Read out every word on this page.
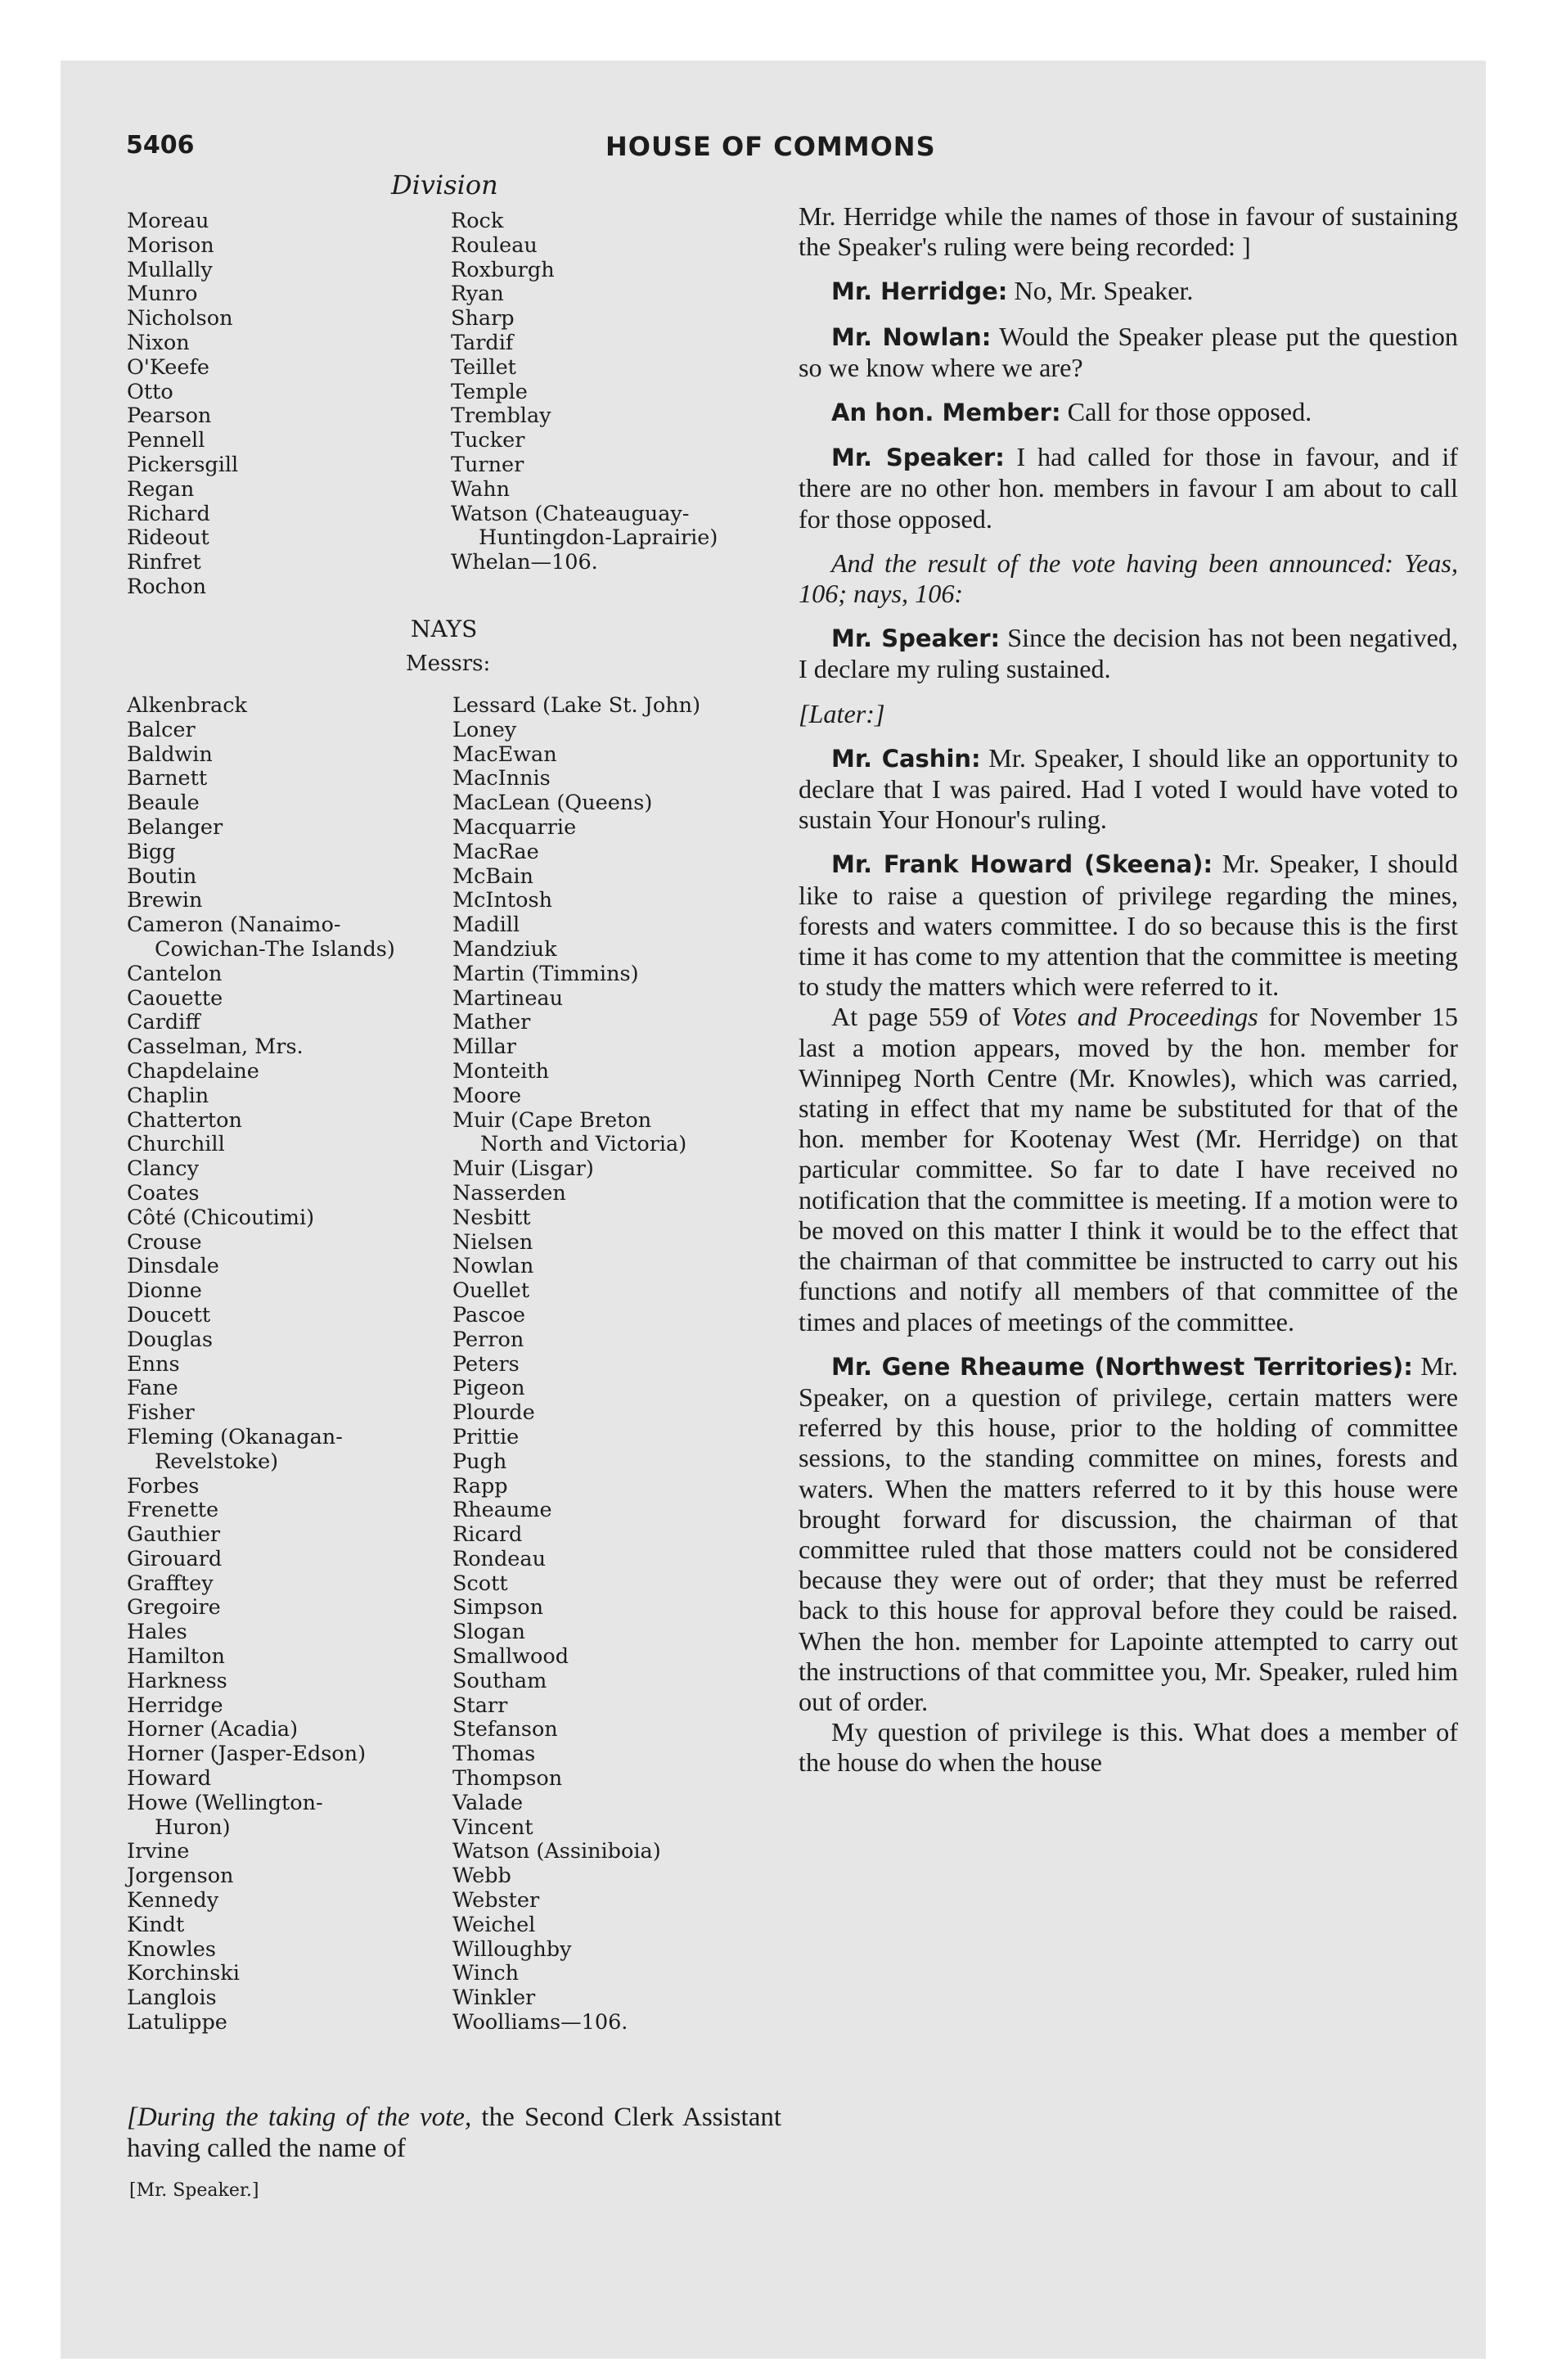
5406	HOUSE OF COMMONS
Division
Moreau
Morison
Mullally
Munro
Nicholson
Nixon
O'Keefe
Otto
Pearson
Pennell
Pickersgill
Regan
Richard
Rideout
Rinfret
Rochon
Rock
Rouleau
Roxburgh
Ryan
Sharp
Tardif
Teillet
Temple
Tremblay
Tucker
Turner
Wahn
Watson (Chateauguay-
Huntingdon-Laprairie)
Whelan—106.
NAYS
Messrs:
Alkenbrack
Balcer
Baldwin
Barnett
Beaule
Belanger
Bigg
Boutin
Brewin
Cameron (Nanaimo-
Cowichan-The Islands)
Cantelon
Caouette
Cardiff
Casselman, Mrs.
Chapdelaine
Chaplin
Chatterton
Churchill
Clancy
Coates
Côté (Chicoutimi)
Crouse
Dinsdale
Dionne
Doucett
Douglas
Enns
Fane
Fisher
Fleming (Okanagan-
Revelstoke)
Forbes
Frenette
Gauthier
Girouard
Grafftey
Gregoire
Hales
Hamilton
Harkness
Herridge
Horner (Acadia)
Horner (Jasper-Edson)
Howard
Howe (Wellington-
Huron)
Irvine
Jorgenson
Kennedy
Kindt
Knowles
Korchinski
Langlois
Latulippe
Lessard (Lake St. John)
Loney
MacEwan
MacInnis
MacLean (Queens)
Macquarrie
MacRae
McBain
McIntosh
Madill
Mandziuk
Martin (Timmins)
Martineau
Mather
Millar
Monteith
Moore
Muir (Cape Breton
North and Victoria)
Muir (Lisgar)
Nasserden
Nesbitt
Nielsen
Nowlan
Ouellet
Pascoe
Perron
Peters
Pigeon
Plourde
Prittie
Pugh
Rapp
Rheaume
Ricard
Rondeau
Scott
Simpson
Slogan
Smallwood
Southam
Starr
Stefanson
Thomas
Thompson
Valade
Vincent
Watson (Assiniboia)
Webb
Webster
Weichel
Willoughby
Winch
Winkler
Woolliams—106.
[During the taking of the vote, the Second Clerk Assistant having called the name of
[Mr. Speaker.]

Mr. Herridge while the names of those in favour of sustaining the Speaker's ruling were being recorded: ]

Mr. Herridge: No, Mr. Speaker.

Mr. Nowlan: Would the Speaker please put the question so we know where we are?

An hon. Member: Call for those opposed.

Mr. Speaker: I had called for those in favour, and if there are no other hon. members in favour I am about to call for those opposed.

And the result of the vote having been announced: Yeas, 106; nays, 106:

Mr. Speaker: Since the decision has not been negatived, I declare my ruling sustained.

[Later:]

Mr. Cashin: Mr. Speaker, I should like an opportunity to declare that I was paired. Had I voted I would have voted to sustain Your Honour's ruling.

Mr. Frank Howard (Skeena): Mr. Speaker, I should like to raise a question of privilege regarding the mines, forests and waters committee. I do so because this is the first time it has come to my attention that the committee is meeting to study the matters which were referred to it.

At page 559 of Votes and Proceedings for November 15 last a motion appears, moved by the hon. member for Winnipeg North Centre (Mr. Knowles), which was carried, stating in effect that my name be substituted for that of the hon. member for Kootenay West (Mr. Herridge) on that particular committee. So far to date I have received no notification that the committee is meeting. If a motion were to be moved on this matter I think it would be to the effect that the chairman of that committee be instructed to carry out his functions and notify all members of that committee of the times and places of meetings of the committee.

Mr. Gene Rheaume (Northwest Territories): Mr. Speaker, on a question of privilege, certain matters were referred by this house, prior to the holding of committee sessions, to the standing committee on mines, forests and waters. When the matters referred to it by this house were brought forward for discussion, the chairman of that committee ruled that those matters could not be considered because they were out of order; that they must be referred back to this house for approval before they could be raised. When the hon. member for Lapointe attempted to carry out the instructions of that committee you, Mr. Speaker, ruled him out of order.

My question of privilege is this. What does a member of the house do when the house
